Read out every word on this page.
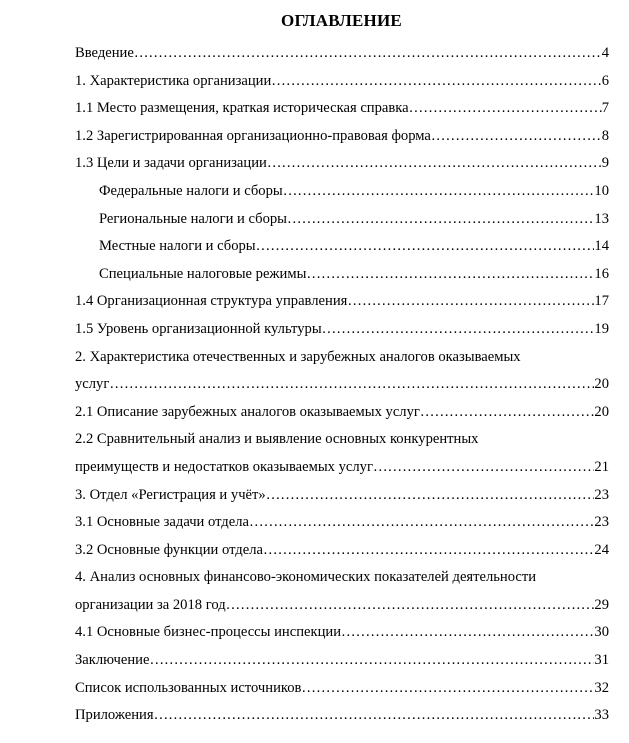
ОГЛАВЛЕНИЕ
Введение ……………………………………………………………………………………………………………………………………………………………………………………………………………………………………	4
1. Характеристика организации ……………………………………………………………………………………………………………………………………………………………………………………………………………………………………	6
1.1 Место размещения, краткая историческая справка ……………………………………………………………………………………………………………………………………………………………………………………………………………………………………	7
1.2 Зарегистрированная организационно-правовая форма ……………………………………………………………………………………………………………………………………………………………………………………………………………………………………	8
1.3 Цели и задачи организации ……………………………………………………………………………………………………………………………………………………………………………………………………………………………………	9
Федеральные налоги и сборы ……………………………………………………………………………………………………………………………………………………………………………………………………………………………………	10
Региональные налоги и сборы ……………………………………………………………………………………………………………………………………………………………………………………………………………………………………	13
Местные налоги и сборы ……………………………………………………………………………………………………………………………………………………………………………………………………………………………………	14
Специальные налоговые режимы ……………………………………………………………………………………………………………………………………………………………………………………………………………………………………	16
1.4 Организационная структура управления ……………………………………………………………………………………………………………………………………………………………………………………………………………………………………	17
1.5 Уровень организационной культуры ……………………………………………………………………………………………………………………………………………………………………………………………………………………………………	19
2. Характеристика отечественных и зарубежных аналогов оказываемых
услуг ……………………………………………………………………………………………………………………………………………………………………………………………………………………………………	20
2.1 Описание зарубежных аналогов оказываемых услуг ……………………………………………………………………………………………………………………………………………………………………………………………………………………………………	20
2.2 Сравнительный анализ и выявление основных конкурентных
преимуществ и недостатков оказываемых услуг ……………………………………………………………………………………………………………………………………………………………………………………………………………………………………	21
3. Отдел «Регистрация и учёт» ……………………………………………………………………………………………………………………………………………………………………………………………………………………………………	23
3.1 Основные задачи отдела ……………………………………………………………………………………………………………………………………………………………………………………………………………………………………	23
3.2 Основные функции отдела ……………………………………………………………………………………………………………………………………………………………………………………………………………………………………	24
4. Анализ основных финансово-экономических показателей деятельности
организации за 2018 год ……………………………………………………………………………………………………………………………………………………………………………………………………………………………………	29
4.1 Основные бизнес-процессы инспекции ……………………………………………………………………………………………………………………………………………………………………………………………………………………………………	30
Заключение ……………………………………………………………………………………………………………………………………………………………………………………………………………………………………	31
Список использованных источников ……………………………………………………………………………………………………………………………………………………………………………………………………………………………………	32
Приложения ……………………………………………………………………………………………………………………………………………………………………………………………………………………………………	33
